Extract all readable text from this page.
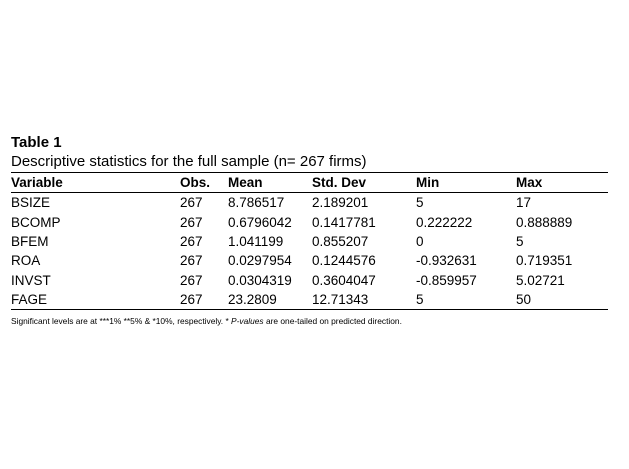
Table 1
Descriptive statistics for the full sample (n= 267 firms)
Variable	Obs.	Mean	Std. Dev	Min	Max
BSIZE	267	8.786517	2.189201	5	17
BCOMP	267	0.6796042	0.1417781	0.222222	0.888889
BFEM	267	1.041199	0.855207	0	5
ROA	267	0.0297954	0.1244576	-0.932631	0.719351
INVST	267	0.0304319	0.3604047	-0.859957	5.02721
FAGE	267	23.2809	12.71343	5	50
Significant levels are at ***1% **5% & *10%, respectively. * P-values are one-tailed on predicted direction.
